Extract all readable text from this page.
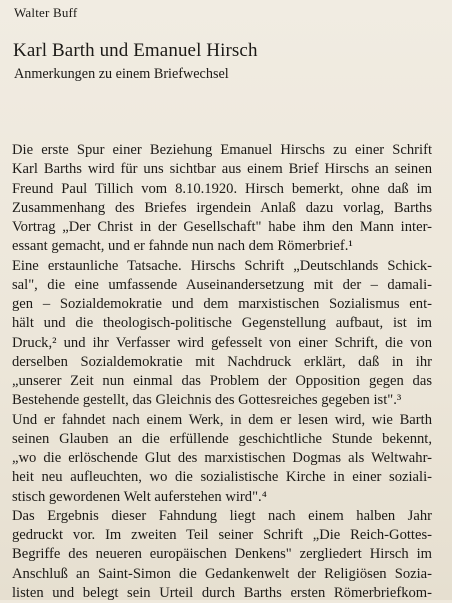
Walter Buff
Karl Barth und Emanuel Hirsch
Anmerkungen zu einem Briefwechsel
Die erste Spur einer Beziehung Emanuel Hirschs zu einer Schrift
Karl Barths wird für uns sichtbar aus einem Brief Hirschs an seinen
Freund Paul Tillich vom 8.10.1920. Hirsch bemerkt, ohne daß im
Zusammenhang des Briefes irgendein Anlaß dazu vorlag, Barths
Vortrag „Der Christ in der Gesellschaft" habe ihm den Mann inter-
essant gemacht, und er fahnde nun nach dem Römerbrief.¹
Eine erstaunliche Tatsache. Hirschs Schrift „Deutschlands Schick-
sal", die eine umfassende Auseinandersetzung mit der – damali-
gen – Sozialdemokratie und dem marxistischen Sozialismus ent-
hält und die theologisch-politische Gegenstellung aufbaut, ist im
Druck,² und ihr Verfasser wird gefesselt von einer Schrift, die von
derselben Sozialdemokratie mit Nachdruck erklärt, daß in ihr
„unserer Zeit nun einmal das Problem der Opposition gegen das
Bestehende gestellt, das Gleichnis des Gottesreiches gegeben ist".³
Und er fahndet nach einem Werk, in dem er lesen wird, wie Barth
seinen Glauben an die erfüllende geschichtliche Stunde bekennt,
„wo die erlöschende Glut des marxistischen Dogmas als Weltwahr-
heit neu aufleuchten, wo die sozialistische Kirche in einer soziali-
stisch gewordenen Welt auferstehen wird".⁴
Das Ergebnis dieser Fahndung liegt nach einem halben Jahr
gedruckt vor. Im zweiten Teil seiner Schrift „Die Reich-Gottes-
Begriffe des neueren europäischen Denkens" zergliedert Hirsch im
Anschluß an Saint-Simon die Gedankenwelt der Religiösen Sozia-
listen und belegt sein Urteil durch Barths ersten Römerbriefkom-
